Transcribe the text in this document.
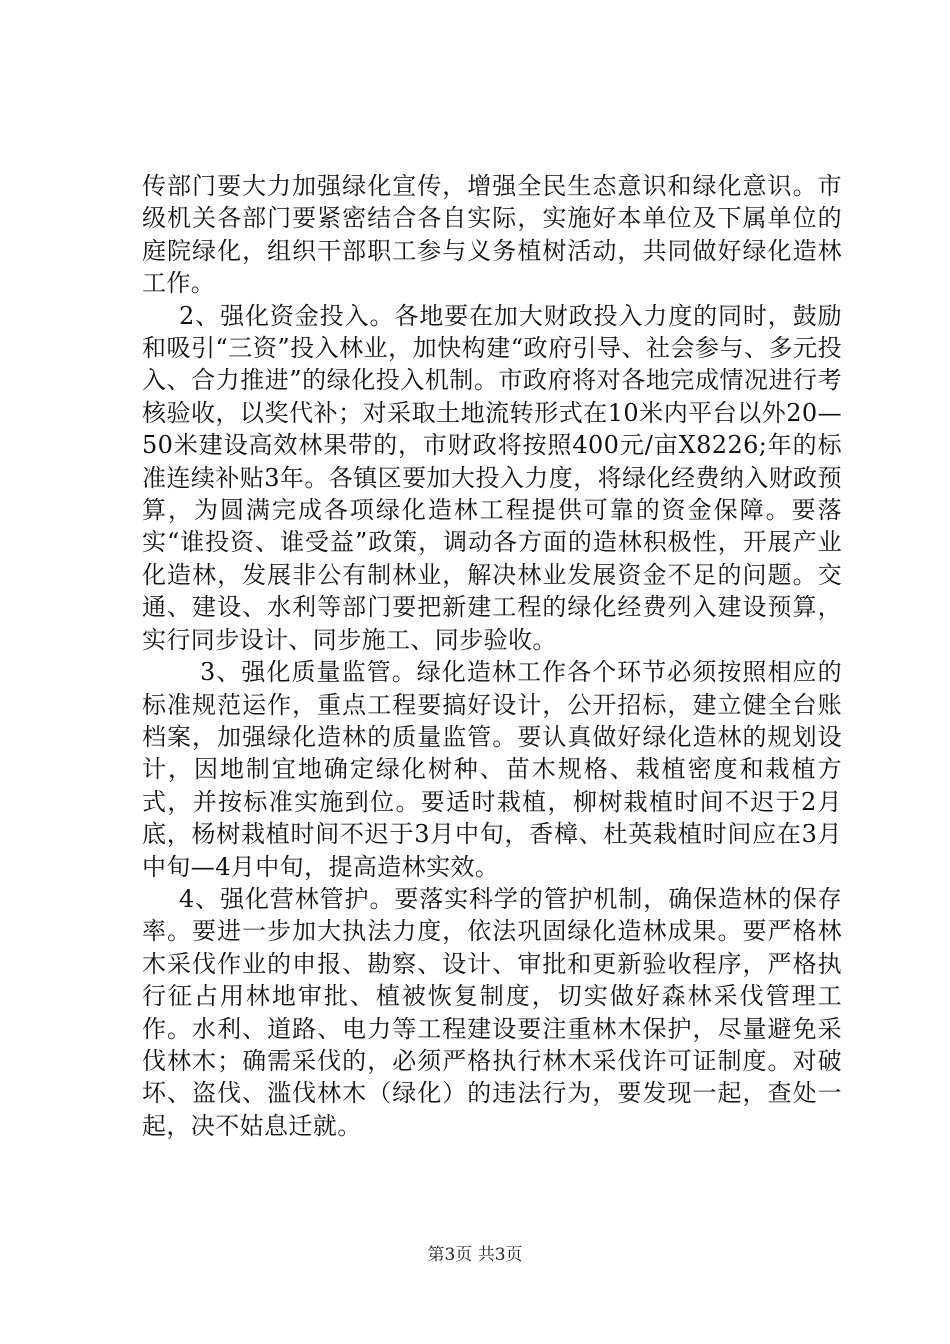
传部门要大力加强绿化宣传，增强全民生态意识和绿化意识。市级机关各部门要紧密结合各自实际，实施好本单位及下属单位的庭院绿化，组织干部职工参与义务植树活动，共同做好绿化造林工作。

2、强化资金投入。各地要在加大财政投入力度的同时，鼓励和吸引“三资”投入林业，加快构建“政府引导、社会参与、多元投入、合力推进”的绿化投入机制。市政府将对各地完成情况进行考核验收，以奖代补；对采取土地流转形式在10米内平台以外20—50米建设高效林果带的，市财政将按照400元/亩X8226;年的标准连续补贴3年。各镇区要加大投入力度，将绿化经费纳入财政预算，为圆满完成各项绿化造林工程提供可靠的资金保障。要落实“谁投资、谁受益”政策，调动各方面的造林积极性，开展产业化造林，发展非公有制林业，解决林业发展资金不足的问题。交通、建设、水利等部门要把新建工程的绿化经费列入建设预算，实行同步设计、同步施工、同步验收。

3、强化质量监管。绿化造林工作各个环节必须按照相应的标准规范运作，重点工程要搞好设计，公开招标，建立健全台账档案，加强绿化造林的质量监管。要认真做好绿化造林的规划设计，因地制宜地确定绿化树种、苗木规格、栽植密度和栽植方式，并按标准实施到位。要适时栽植，柳树栽植时间不迟于2月底，杨树栽植时间不迟于3月中旬，香樟、杜英栽植时间应在3月中旬—4月中旬，提高造林实效。

4、强化营林管护。要落实科学的管护机制，确保造林的保存率。要进一步加大执法力度，依法巩固绿化造林成果。要严格林木采伐作业的申报、勘察、设计、审批和更新验收程序，严格执行征占用林地审批、植被恢复制度，切实做好森林采伐管理工作。水利、道路、电力等工程建设要注重林木保护，尽量避免采伐林木；确需采伐的，必须严格执行林木采伐许可证制度。对破坏、盗伐、滥伐林木（绿化）的违法行为，要发现一起，查处一起，决不姑息迁就。

第3页 共3页
